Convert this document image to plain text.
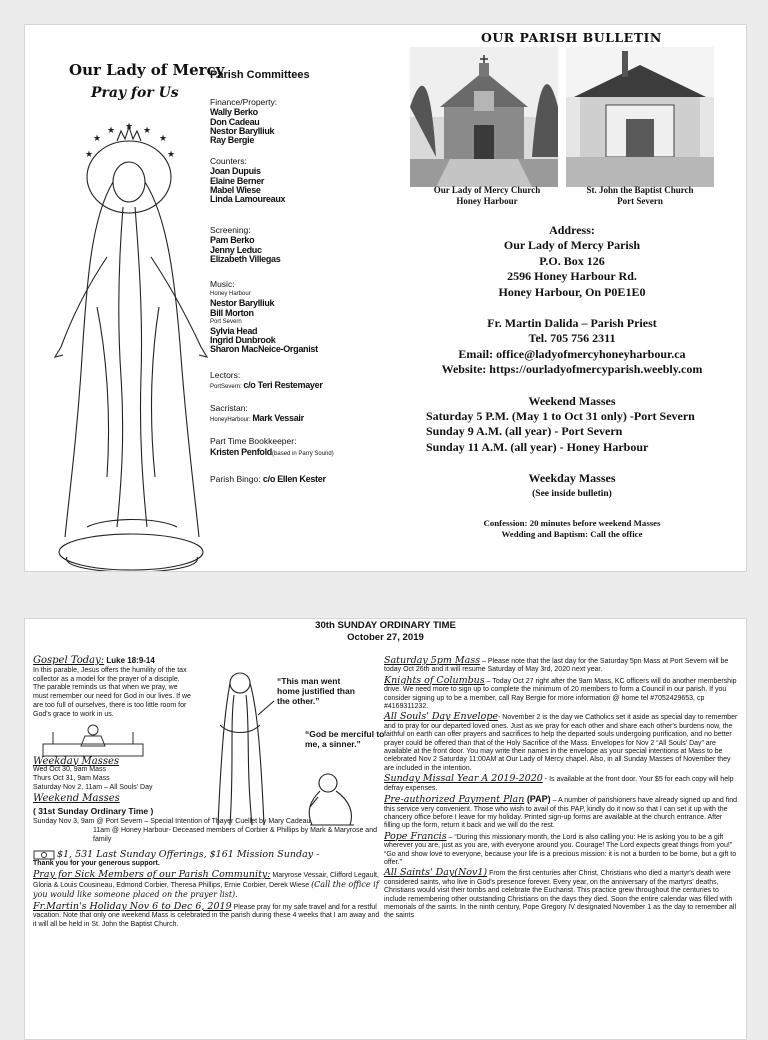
★
★ ★ ★
★
★	★
Our Lady of Mercy
Pray for Us
Parish Committees
Finance/Property:
Wally Berko
Don Cadeau
Nestor Barylliuk
Ray Bergie
Counters:
Joan Dupuis
Elaine Berner
Mabel Wiese
Linda Lamoureaux
Screening:
Pam Berko
Jenny Leduc
Elizabeth Villegas
Music:
Honey Harbour
Nestor Barylliuk
Bill Morton
Port Severn
Sylvia Head
Ingrid Dunbrook
Sharon MacNeice-Organist
Lectors:
PortSevern: c/o Teri Restemayer
Sacristan:
HoneyHarbour: Mark Vessair
Part Time Bookkeeper:
Kristen Penfold(based in Parry Sound)
Parish Bingo: c/o Ellen Kester
OUR PARISH BULLETIN
Our Lady of Mercy Church
Honey Harbour
St. John the Baptist Church
Port Severn

Address:

Our Lady of Mercy Parish

P.O. Box 126

2596 Honey Harbour Rd.

Honey Harbour, On P0E1E0

Fr. Martin Dalida – Parish Priest

Tel. 705 756 2311

Email: office@ladyofmercyhoneyharbour.ca

Website: https://ourladyofmercyparish.weebly.com

Weekend Masses

Saturday 5 P.M. (May 1 to Oct 31 only) -Port Severn

Sunday 9 A.M. (all year) - Port Severn

Sunday 11 A.M. (all year) - Honey Harbour

Weekday Masses

(See inside bulletin)

Confession: 20 minutes before weekend Masses

Wedding and Baptism: Call the office

30th SUNDAY ORDINARY TIME
October 27, 2019
“This man went home justified than the other.”
“God be merciful to me, a sinner.”
Gospel Today: Luke 18:9-14
In this parable, Jesus offers the humility of the tax collector as a model for the prayer of a disciple. The parable reminds us that when we pray, we must remember our need for God in our lives. If we are too full of ourselves, there is too little room for God's grace to work in us.
Weekday Masses
Wed Oct 30, 9am Mass
Thurs Oct 31, 9am Mass
Saturday Nov 2, 11am – All Souls' Day
Weekend Masses
( 31st Sunday Ordinary Time )
Sunday Nov 3, 9am @ Port Severn – Special Intention of Thayer Cuellet by Mary Cadeau
11am @ Honey Harbour- Deceased members of Corbier & Phillips by Mark & Maryrose and family
$1, 531 Last Sunday Offerings, $161 Mission Sunday -
Thank you for your generous support.
Pray for Sick Members of our Parish Community: Maryrose Vessair, Clifford Legault, Gloria & Louis Cousineau, Edmond Corbier, Theresa Phillips, Ernie Corbier, Derek Wiese (Call the office if you would like someone placed on the prayer list).
Fr.Martin's Holiday Nov 6 to Dec 6, 2019 Please pray for my safe travel and for a restful vacation. Note that only one weekend Mass is celebrated in the parish during these 4 weeks that I am away and it will all be held in St. John the Baptist Church.
Saturday 5pm Mass – Please note that the last day for the Saturday 5pn Mass at Port Severn will be today Oct 26th and it will resume Saturday of May 3rd, 2020 next year.
Knights of Columbus – Today Oct 27 right after the 9am Mass, KC officers will do another membership drive. We need more to sign up to complete the minimum of 20 members to form a Council in our parish. If you consider signing up to be a member, call Ray Bergie for more information @ home tel #7052429653, cp #4169311232.
All Souls' Day Envelope- November 2 is the day we Catholics set it aside as special day to remember and to pray for our departed loved ones. Just as we pray for each other and share each other's burdens now, the faithful on earth can offer prayers and sacrifices to help the departed souls undergoing purification, and no better prayer could be offered than that of the Holy Sacrifice of the Mass. Envelopes for Nov 2 “All Souls' Day” are available at the front door. You may write their names in the envelope as your special intentions at Mass to be celebrated Nov 2 Saturday 11:00AM at Our Lady of Mercy chapel. Also, in all Sunday Masses of November they are included in the intention.
Sunday Missal Year A 2019-2020 - Is available at the front door. Your $5 for each copy will help defray expenses.
Pre-authorized Payment Plan (PAP) – A number of parishioners have already signed up and find this service very convenient. Those who wish to avail of this PAP, kindly do it now so that I can set it up with the chancery office before I leave for my holiday. Printed sign-up forms are available at the church entrance. After filling up the form, return it back and we will do the rest.
Pope Francis – “During this missionary month, the Lord is also calling you: He is asking you to be a gift wherever you are, just as you are, with everyone around you. Courage! The Lord expects great things from you!” “Go and show love to everyone, because your life is a precious mission: it is not a burden to be borne, but a gift to offer.”
All Saints' Day(Nov1) From the first centuries after Christ, Christians who died a martyr's death were considered saints, who live in God's presence forever. Every year, on the anniversary of the martyrs' deaths, Christians would visit their tombs and celebrate the Eucharist. This practice grew throughout the centuries to include remembering other outstanding Christians on the days they died. Soon the entire calendar was filled with memorials of the saints. In the ninth century, Pope Gregory IV designated November 1 as the day to remember all the saints
